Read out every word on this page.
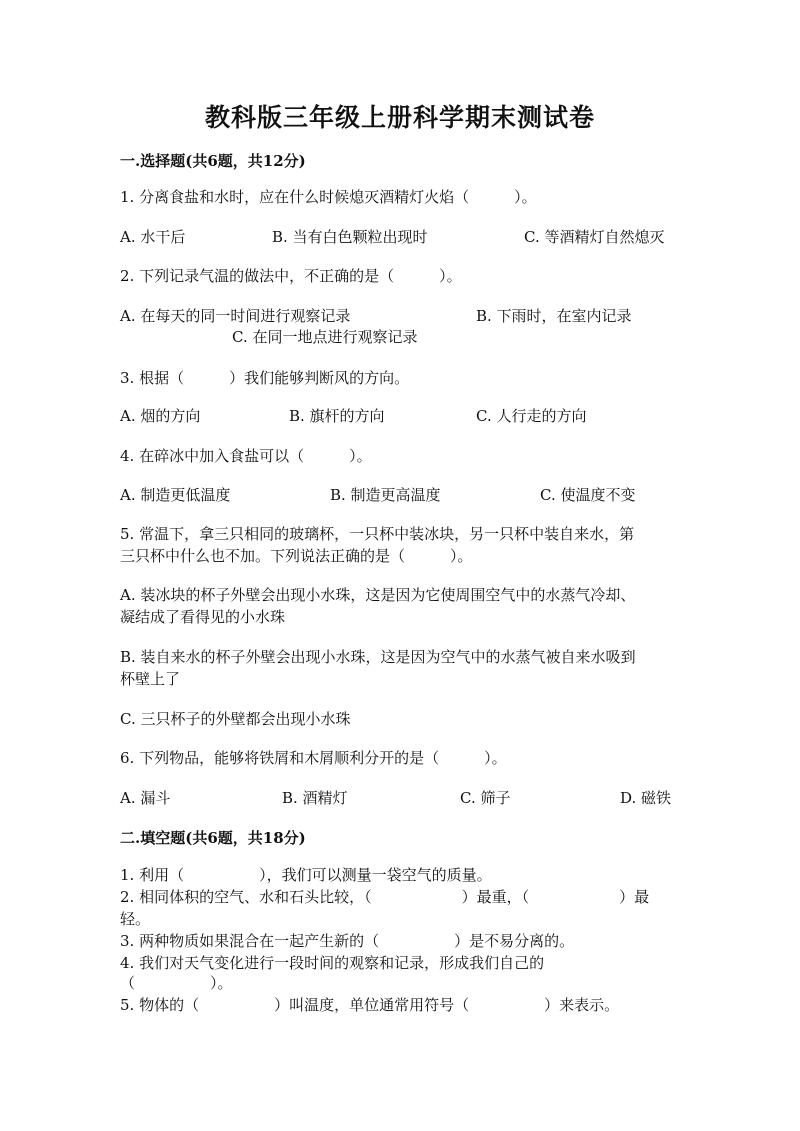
教科版三年级上册科学期末测试卷
一.选择题(共6题，共12分)
1. 分离食盐和水时，应在什么时候熄灭酒精灯火焰（　　　）。
A. 水干后	B. 当有白色颗粒出现时	C. 等酒精灯自然熄灭
2. 下列记录气温的做法中，不正确的是（　　　）。
A. 在每天的同一时间进行观察记录	B. 下雨时，在室内记录
C. 在同一地点进行观察记录
3. 根据（　　　）我们能够判断风的方向。
A. 烟的方向	B. 旗杆的方向	C. 人行走的方向
4. 在碎冰中加入食盐可以（　　　）。
A. 制造更低温度	B. 制造更高温度	C. 使温度不变
5. 常温下，拿三只相同的玻璃杯，一只杯中装冰块，另一只杯中装自来水，第
三只杯中什么也不加。下列说法正确的是（　　　）。
A. 装冰块的杯子外壁会出现小水珠，这是因为它使周围空气中的水蒸气冷却、
凝结成了看得见的小水珠
B. 装自来水的杯子外壁会出现小水珠，这是因为空气中的水蒸气被自来水吸到
杯壁上了
C. 三只杯子的外壁都会出现小水珠
6. 下列物品，能够将铁屑和木屑顺利分开的是（　　　）。
A. 漏斗	B. 酒精灯	C. 筛子	D. 磁铁
二.填空题(共6题，共18分)
1. 利用（　　　　　），我们可以测量一袋空气的质量。
2. 相同体积的空气、水和石头比较，（　　　　　　）最重，（　　　　　　）最
轻。
3. 两种物质如果混合在一起产生新的（　　　　　）是不易分离的。
4. 我们对天气变化进行一段时间的观察和记录，形成我们自己的
（　　　　　）。
5. 物体的（　　　　　）叫温度，单位通常用符号（　　　　　）来表示。
